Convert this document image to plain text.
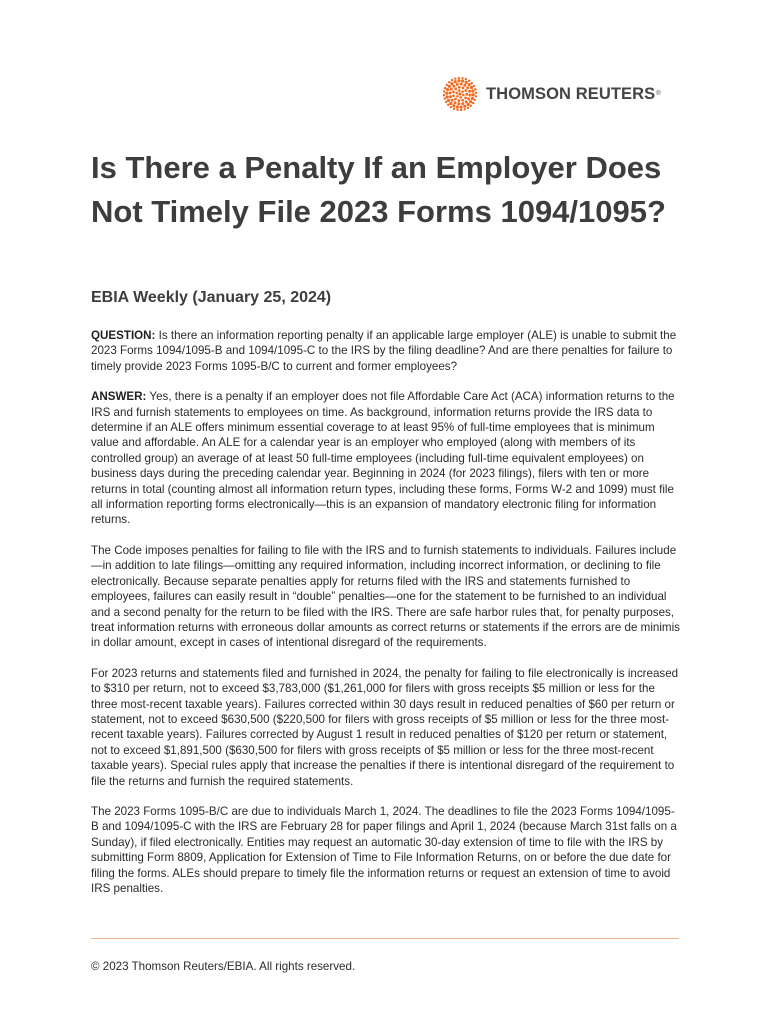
THOMSON REUTERS ®
Is There a Penalty If an Employer Does Not Timely File 2023 Forms 1094/1095?
EBIA Weekly (January 25, 2024)

QUESTION: Is there an information reporting penalty if an applicable large employer (ALE) is unable to submit the 2023 Forms 1094/1095-B and 1094/1095-C to the IRS by the filing deadline? And are there penalties for failure to timely provide 2023 Forms 1095-B/C to current and former employees?

ANSWER: Yes, there is a penalty if an employer does not file Affordable Care Act (ACA) information returns to the IRS and furnish statements to employees on time. As background, information returns provide the IRS data to determine if an ALE offers minimum essential coverage to at least 95% of full-time employees that is minimum value and affordable. An ALE for a calendar year is an employer who employed (along with members of its controlled group) an average of at least 50 full-time employees (including full-time equivalent employees) on business days during the preceding calendar year. Beginning in 2024 (for 2023 filings), filers with ten or more returns in total (counting almost all information return types, including these forms, Forms W-2 and 1099) must file all information reporting forms electronically—this is an expansion of mandatory electronic filing for information returns.

The Code imposes penalties for failing to file with the IRS and to furnish statements to individuals. Failures include—in addition to late filings—omitting any required information, including incorrect information, or declining to file electronically. Because separate penalties apply for returns filed with the IRS and statements furnished to employees, failures can easily result in “double” penalties—one for the statement to be furnished to an individual and a second penalty for the return to be filed with the IRS. There are safe harbor rules that, for penalty purposes, treat information returns with erroneous dollar amounts as correct returns or statements if the errors are de minimis in dollar amount, except in cases of intentional disregard of the requirements.

For 2023 returns and statements filed and furnished in 2024, the penalty for failing to file electronically is increased to $310 per return, not to exceed $3,783,000 ($1,261,000 for filers with gross receipts $5 million or less for the three most-recent taxable years). Failures corrected within 30 days result in reduced penalties of $60 per return or statement, not to exceed $630,500 ($220,500 for filers with gross receipts of $5 million or less for the three most-recent taxable years). Failures corrected by August 1 result in reduced penalties of $120 per return or statement, not to exceed $1,891,500 ($630,500 for filers with gross receipts of $5 million or less for the three most-recent taxable years). Special rules apply that increase the penalties if there is intentional disregard of the requirement to file the returns and furnish the required statements.

The 2023 Forms 1095-B/C are due to individuals March 1, 2024. The deadlines to file the 2023 Forms 1094/1095-B and 1094/1095-C with the IRS are February 28 for paper filings and April 1, 2024 (because March 31st falls on a Sunday), if filed electronically. Entities may request an automatic 30-day extension of time to file with the IRS by submitting Form 8809, Application for Extension of Time to File Information Returns, on or before the due date for filing the forms. ALEs should prepare to timely file the information returns or request an extension of time to avoid IRS penalties.

© 2023 Thomson Reuters/EBIA. All rights reserved.
